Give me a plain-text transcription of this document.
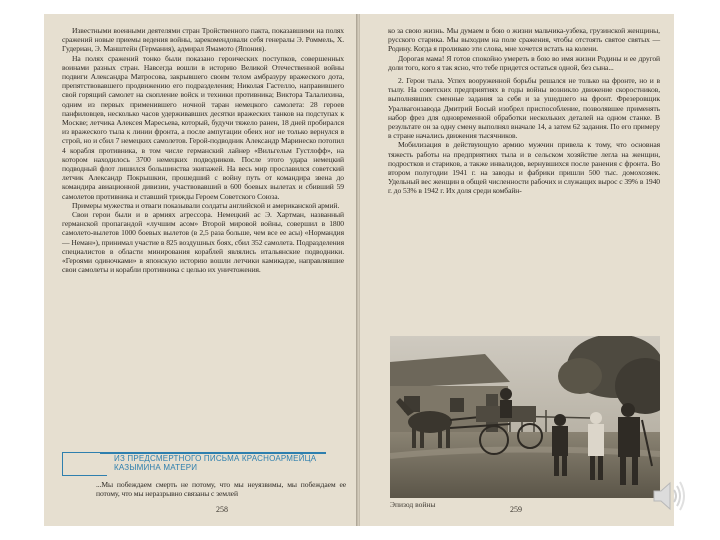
Известными военными деятелями стран Тройственного пакта, показавшими на полях сражений новые приемы ведения войны, зарекомендовали себя генералы Э. Роммель, Х. Гудериан, Э. Манштейн (Германия), адмирал Ямамото (Япония).

На полях сражений тонко были показано героических поступков, совершенных воинами разных стран. Навсегда вошли в историю Великой Отечественной войны подвиги Александра Матросова, закрывшего своим телом амбразуру вражеского дота, препятствовавшего продвижению его подразделения; Николая Гастелло, направившего свой горящий самолет на скопление войск и техники противника; Виктора Талалихина, одним из первых применившего ночной таран немецкого самолета: 28 героев панфиловцев, несколько часов удерживавших десятки вражеских танков на подступах к Москве; летчика Алексея Маресьева, который, будучи тяжело ранен, 18 дней пробирался из вражеского тыла к линии фронта, а после ампутации обеих ног не только вернулся в строй, но и сбил 7 немецких самолетов. Герой-подводник Александр Маринеско потопил 4 корабля противника, в том числе германский лайнер «Вильгельм Густлофф», на котором находилось 3700 немецких подводников. После этого удара немецкий подводный флот лишился большинства экипажей. На весь мир прославился советский летчик Александр Покрышкин, прошедший с войну путь от командира звена до командира авиационной дивизии, участвовавший в 600 боевых вылетах и сбивший 59 самолетов противника и ставший трижды Героем Советского Союза.

Примеры мужества и отваги показывали солдаты английской и американской армий.

Свои герои были и в армиях агрессора. Немецкий ас Э. Хартман, названный германской пропагандой «лучшим асом» Второй мировой войны, совершил в 1800 самолето-вылетов 1000 боевых вылетов (в 2,5 раза больше, чем все ее асы) «Нормандия — Неман»), принимал участие в 825 воздушных боях, сбил 352 самолета. Подразделения специалистов в области минирования кораблей являлись итальянские подводники. «Героями одиночками» в японскую историю вошли летчики камикадзе, направлявшие свои самолеты и корабли противника с целью их уничтожения.

ИЗ ПРЕДСМЕРТНОГО ПИСЬМА КРАСНОАРМЕЙЦА
КАЗЫМИНА МАТЕРИ
...Мы побеждаем смерть не потому, что мы неуязвимы, мы побеждаем ее потому, что мы неразрывно связаны с землей
258

ко за свою жизнь. Мы думаем в бою о жизни мальчика-узбека, грузинской женщины, русского старика. Мы выходим на поле сражения, чтобы отстоять святое святых — Родину. Когда я проливаю эти слова, мне хочется встать на колени.

Дорогая мама! Я готов спокойно умереть в бою во имя жизни Родины и ее другой доли того, кого я так ясно, что тебе придется остаться одной, без сына...

2. Герои тыла. Успех вооруженной борьбы решался не только на фронте, но и в тылу. На советских предприятиях в годы войны возникло движение скоростников, выполнявших сменные задания за себя и за ушедшего на фронт. Фрезеровщик Уралвагонзавода Дмитрий Босый изобрел приспособление, позволявшее применять набор фрез для одновременной обработки нескольких деталей на одном станке. В результате он за одну смену выполнял вначале 14, а затем 62 задания. По его примеру в стране начались движения тысячников.

Мобилизация в действующую армию мужчин привела к тому, что основная тяжесть работы на предприятиях тыла и в сельском хозяйстве легла на женщин, подростков и стариков, а также инвалидов, вернувшихся после ранения с фронта. Во втором полугодии 1941 г. на заводы и фабрики пришли 500 тыс. домохозяек. Удельный вес женщин в общей численности рабочих и служащих вырос с 39% в 1940 г. до 53% в 1942 г. Их доля среди комбайн-

Эпизод войны
259
